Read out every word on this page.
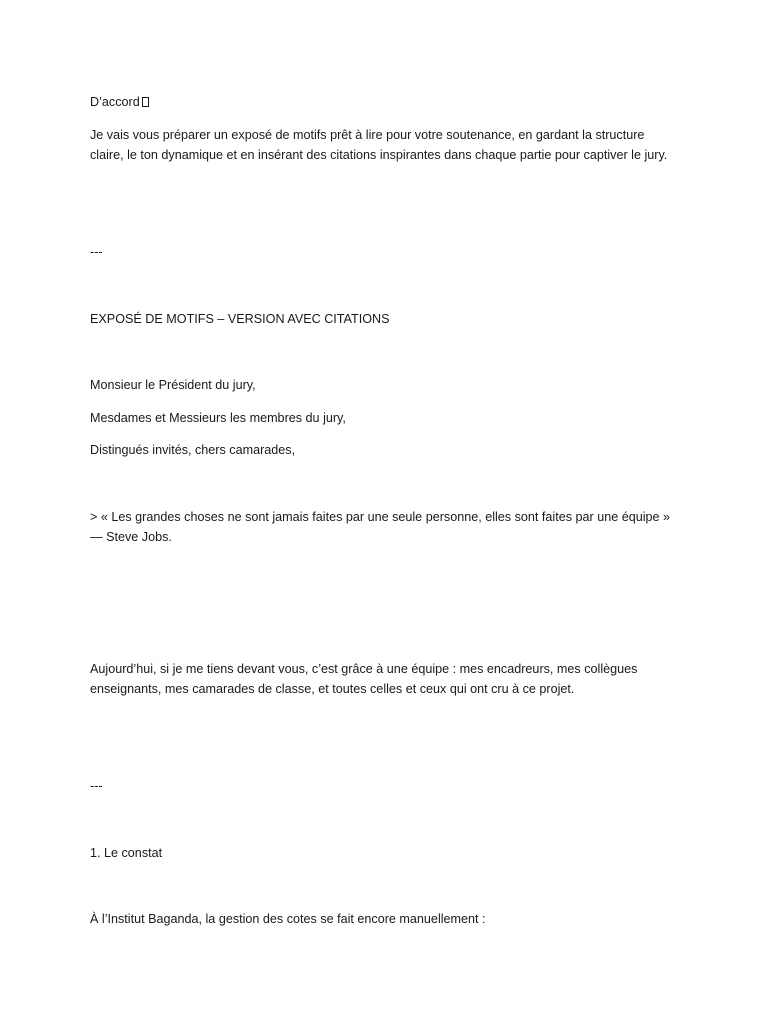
D’accord
Je vais vous préparer un exposé de motifs prêt à lire pour votre soutenance, en gardant la structure
claire, le ton dynamique et en insérant des citations inspirantes dans chaque partie pour captiver le jury.
---
EXPOSÉ DE MOTIFS – VERSION AVEC CITATIONS
Monsieur le Président du jury,
Mesdames et Messieurs les membres du jury,
Distingués invités, chers camarades,
> « Les grandes choses ne sont jamais faites par une seule personne, elles sont faites par une équipe »
— Steve Jobs.
Aujourd’hui, si je me tiens devant vous, c’est grâce à une équipe : mes encadreurs, mes collègues
enseignants, mes camarades de classe, et toutes celles et ceux qui ont cru à ce projet.
---
1. Le constat
À l’Institut Baganda, la gestion des cotes se fait encore manuellement :
